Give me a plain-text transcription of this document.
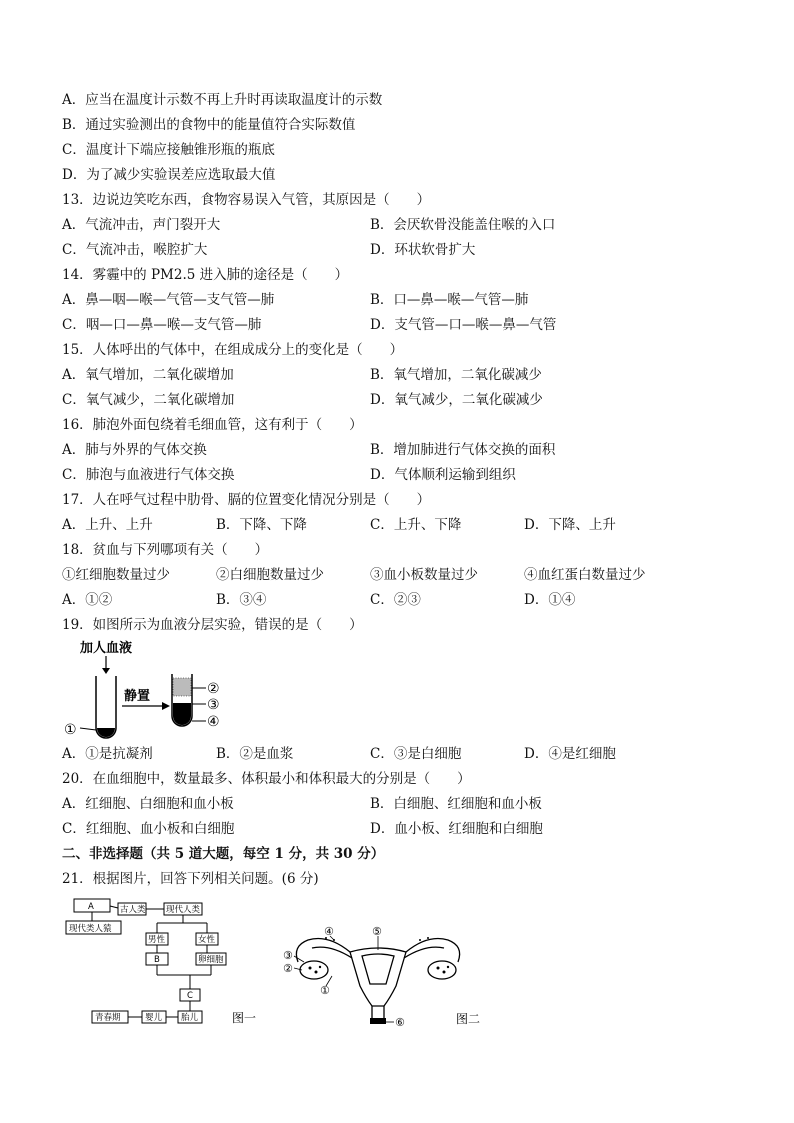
A．应当在温度计示数不再上升时再读取温度计的示数
B．通过实验测出的食物中的能量值符合实际数值
C．温度计下端应接触锥形瓶的瓶底
D．为了减少实验误差应选取最大值
13．边说边笑吃东西，食物容易误入气管，其原因是（　　）
A．气流冲击，声门裂开大	B．会厌软骨没能盖住喉的入口
C．气流冲击，喉腔扩大	D．环状软骨扩大
14．雾霾中的 PM2.5 进入肺的途径是（　　）
A．鼻—咽—喉—气管—支气管—肺	B．口—鼻—喉—气管—肺
C．咽—口—鼻—喉—支气管—肺	D．支气管—口—喉—鼻—气管
15．人体呼出的气体中，在组成成分上的变化是（　　）
A．氧气增加，二氧化碳增加	B．氧气增加，二氧化碳减少
C．氧气减少，二氧化碳增加	D．氧气减少，二氧化碳减少
16．肺泡外面包绕着毛细血管，这有利于（　　）
A．肺与外界的气体交换	B．增加肺进行气体交换的面积
C．肺泡与血液进行气体交换	D．气体顺利运输到组织
17．人在呼气过程中肋骨、膈的位置变化情况分别是（　　）
A．上升、上升	B．下降、下降	C．上升、下降	D．下降、上升
18．贫血与下列哪项有关（　　）
①红细胞数量过少	②白细胞数量过少	③血小板数量过少	④血红蛋白数量过少
A．①②	B．③④	C．②③	D．①④
19．如图所示为血液分层实验，错误的是（　　）
加人血液
①
静置	②
③
④
A．①是抗凝剂	B．②是血浆	C．③是白细胞	D．④是红细胞
20．在血细胞中，数量最多、体积最小和体积最大的分别是（　　）
A．红细胞、白细胞和血小板	B．白细胞、红细胞和血小板
C．红细胞、血小板和白细胞	D．血小板、红细胞和白细胞
二、非选择题（共 5 道大题，每空 1 分，共 30 分）
21．根据图片，回答下列相关问题。(6 分)
A
现代类人猿
古人类 现代人类
男性	女性
B	卵细胞
C
青春期	婴儿 胎儿	图一
④	⑤
③
②
①
⑥	图二
